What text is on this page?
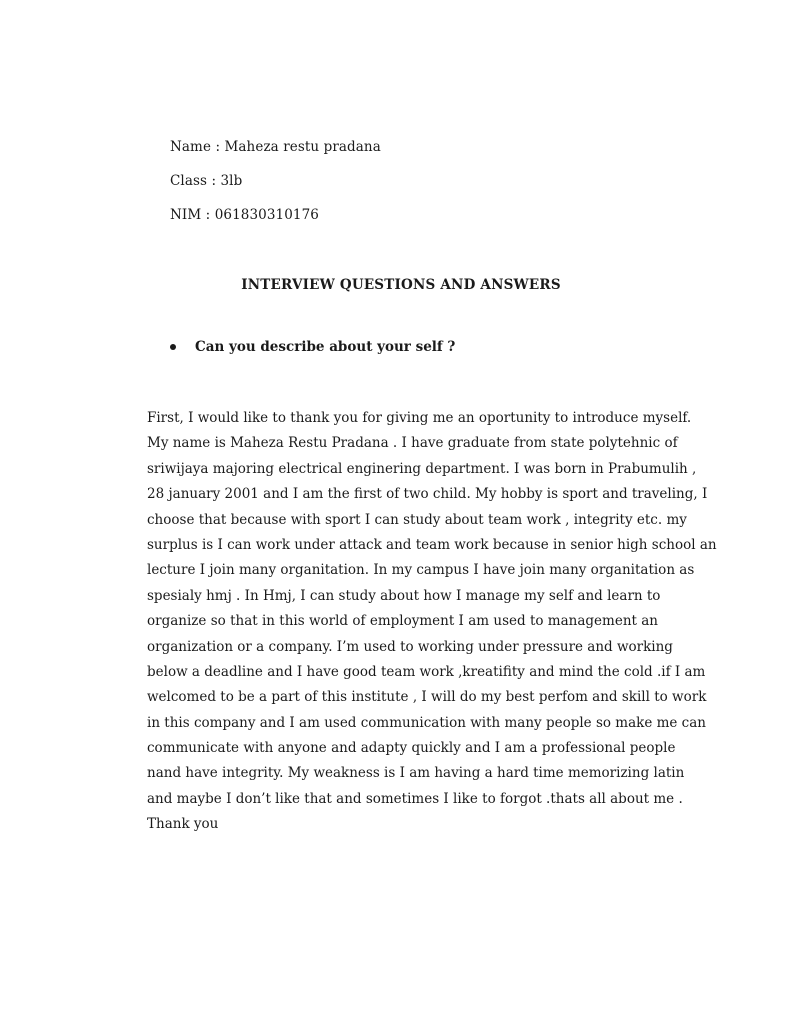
Name : Maheza restu pradana
Class : 3lb
NIM : 061830310176
INTERVIEW QUESTIONS AND ANSWERS
Can you describe about your self ?
First, I would like to thank you for giving me an oportunity to introduce myself.
My name is Maheza Restu Pradana . I have graduate from state polytehnic of
sriwijaya majoring electrical enginering department. I was born in Prabumulih ,
28 january 2001 and I am the first of two child. My hobby is sport and traveling, I
choose that because with sport I can study about team work , integrity etc. my
surplus is I can work under attack and team work because in senior high school an
lecture I join many organitation. In my campus I have join many organitation as
spesialy hmj . In Hmj, I can study about how I manage my self and learn to
organize so that in this world of employment I am used to management an
organization or a company. I’m used to working under pressure and working
below a deadline and I have good team work ,kreatifity and mind the cold .if I am
welcomed to be a part of this institute , I will do my best perfom and skill to work
in this company and I am used communication with many people so make me can
communicate with anyone and adapty quickly and I am a professional people
nand have integrity. My weakness is I am having a hard time memorizing latin
and maybe I don’t like that and sometimes I like to forgot .thats all about me .
Thank you
